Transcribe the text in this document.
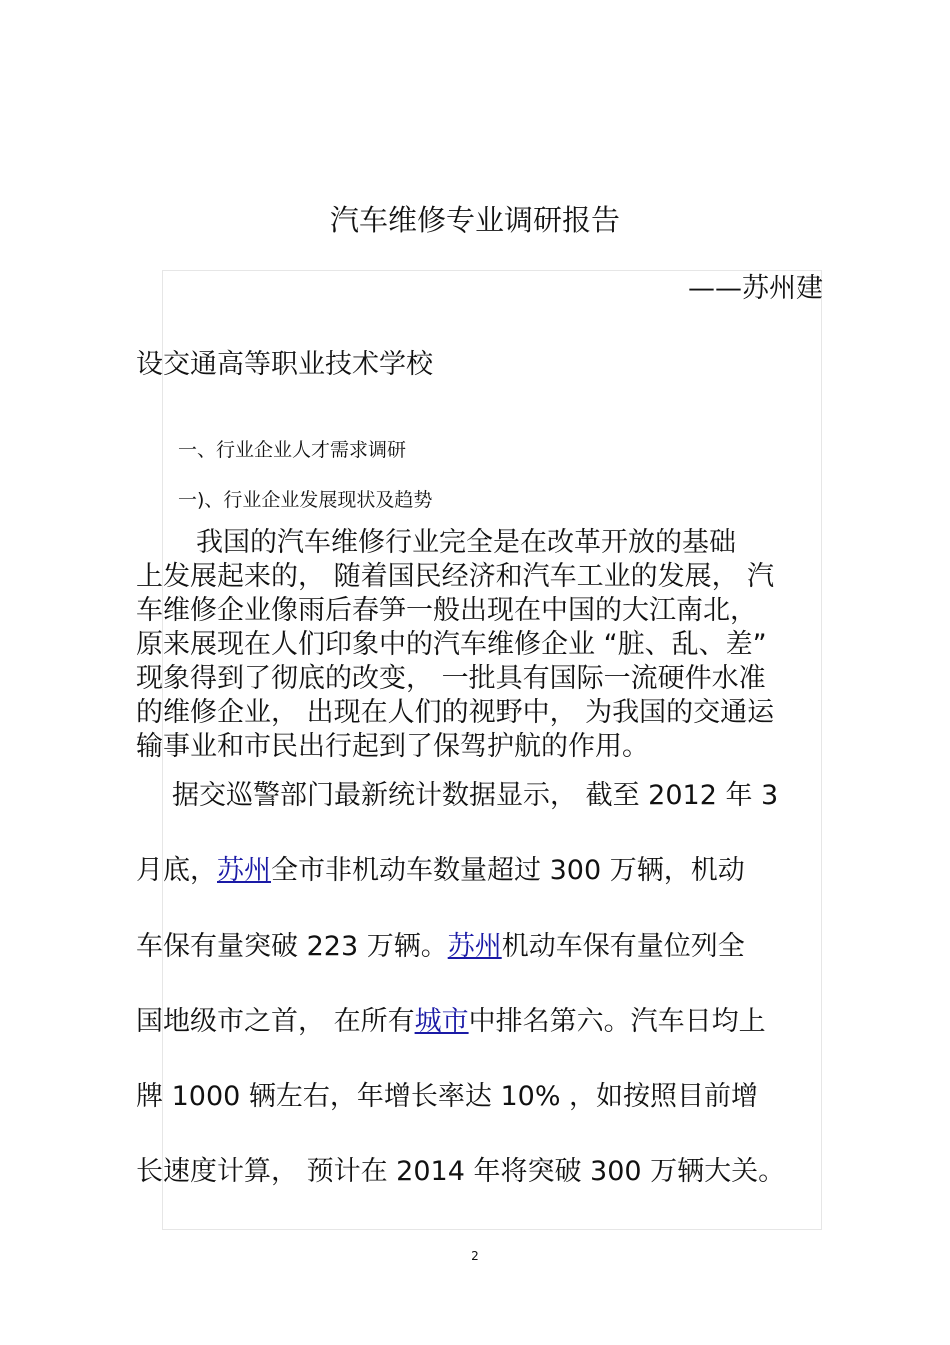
汽车维修专业调研报告
——苏州建
设交通高等职业技术学校
一、行业企业人才需求调研
一)、行业企业发展现状及趋势
我国的汽车维修行业完全是在改革开放的基础
上发展起来的， 随着国民经济和汽车工业的发展， 汽
车维修企业像雨后春笋一般出现在中国的大江南北，
原来展现在人们印象中的汽车维修企业 “脏、乱、差”
现象得到了彻底的改变， 一批具有国际一流硬件水准
的维修企业， 出现在人们的视野中， 为我国的交通运
输事业和市民出行起到了保驾护航的作用。
据交巡警部门最新统计数据显示， 截至 2012 年 3
月底，苏州全市非机动车数量超过 300 万辆，机动
车保有量突破 223 万辆。苏州机动车保有量位列全
国地级市之首， 在所有城市中排名第六。汽车日均上
牌 1000 辆左右，年增长率达 10% ，如按照目前增
长速度计算， 预计在 2014 年将突破 300 万辆大关。
2
